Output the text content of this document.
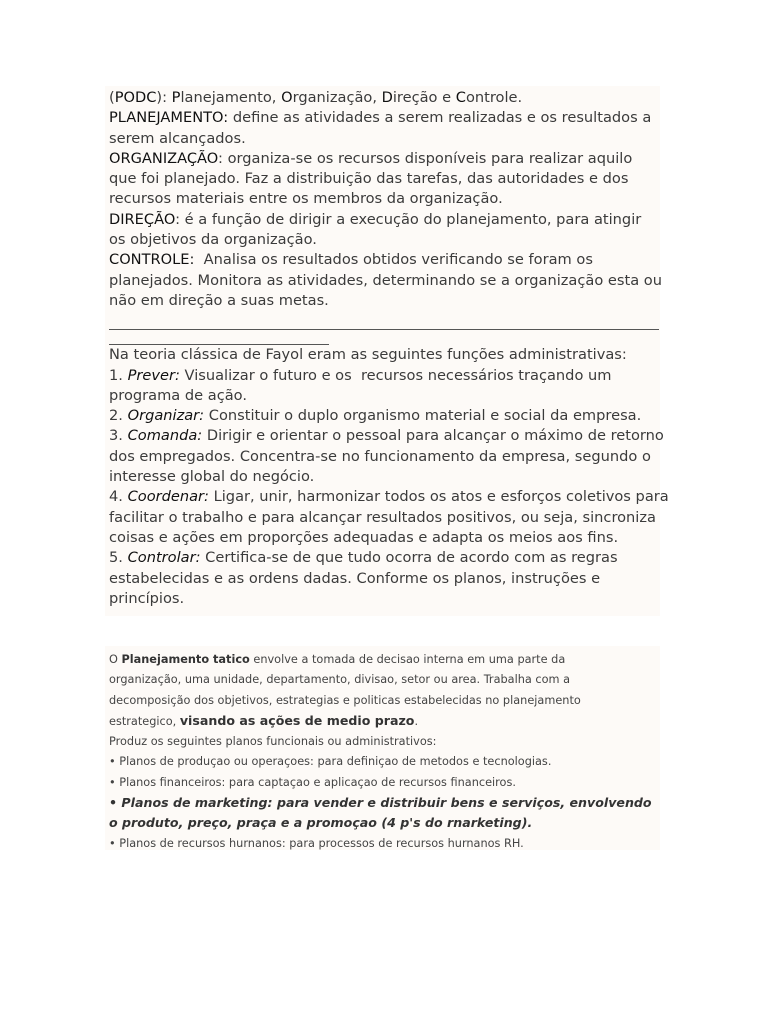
(PODC): Planejamento, Organização, Direção e Controle.

PLANEJAMENTO: define as atividades a serem realizadas e os resultados a

serem alcançados.

ORGANIZAÇÃO: organiza-se os recursos disponíveis para realizar aquilo

que foi planejado. Faz a distribuição das tarefas, das autoridades e dos

recursos materiais entre os membros da organização.

DIREÇÃO: é a função de dirigir a execução do planejamento, para atingir

os objetivos da organização.

CONTROLE:  Analisa os resultados obtidos verificando se foram os

planejados. Monitora as atividades, determinando se a organização esta ou

não em direção a suas metas.

Na teoria clássica de Fayol eram as seguintes funções administrativas:

1. Prever: Visualizar o futuro e os  recursos necessários traçando um

programa de ação.

2. Organizar: Constituir o duplo organismo material e social da empresa.

3. Comanda: Dirigir e orientar o pessoal para alcançar o máximo de retorno

dos empregados. Concentra-se no funcionamento da empresa, segundo o

interesse global do negócio.

4. Coordenar: Ligar, unir, harmonizar todos os atos e esforços coletivos para

facilitar o trabalho e para alcançar resultados positivos, ou seja, sincroniza

coisas e ações em proporções adequadas e adapta os meios aos fins.

5. Controlar: Certifica-se de que tudo ocorra de acordo com as regras

estabelecidas e as ordens dadas. Conforme os planos, instruções e

princípios.

O Planejamento tatico envolve a tomada de decisao interna em uma parte da

organização, uma unidade, departamento, divisao, setor ou area. Trabalha com a

decomposição dos objetivos, estrategias e politicas estabelecidas no planejamento

estrategico, visando as ações de medio prazo.

Produz os seguintes planos funcionais ou administrativos:

• Planos de produçao ou operaçoes: para definiçao de metodos e tecnologias.

• Planos financeiros: para captaçao e aplicaçao de recursos financeiros.

• Planos de marketing: para vender e distribuir bens e serviços, envolvendo

o produto, preço, praça e a promoçao (4 p's do rnarketing).

• Planos de recursos hurnanos: para processos de recursos hurnanos RH.
